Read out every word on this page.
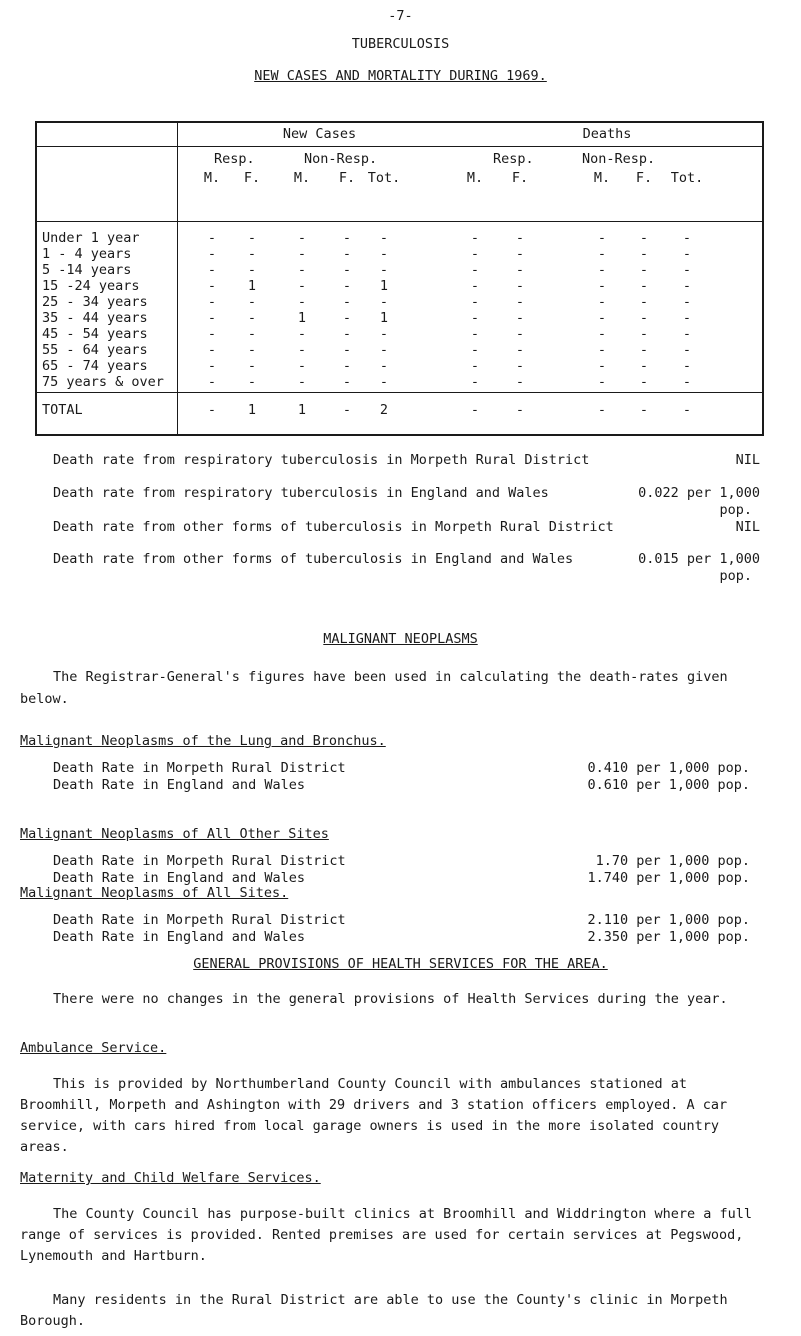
-7-
TUBERCULOSIS
NEW CASES AND MORTALITY DURING 1969.
New Cases	Deaths
Resp.	Non-Resp.	Resp.	Non-Resp.
M.	F.	M.	F. Tot.	M.	F.	M.	F.	Tot.
Under 1 year	-	-	-	-	-	-	-	-	-	-
1 - 4 years	-	-	-	-	-	-	-	-	-	-
5 -14 years	-	-	-	-	-	-	-	-	-	-
15 -24 years	-	1	-	-	1	-	-	-	-	-
25 - 34 years	-	-	-	-	-	-	-	-	-	-
35 - 44 years	-	-	1	-	1	-	-	-	-	-
45 - 54 years	-	-	-	-	-	-	-	-	-	-
55 - 64 years	-	-	-	-	-	-	-	-	-	-
65 - 74 years	-	-	-	-	-	-	-	-	-	-
75 years & over	-	-	-	-	-	-	-	-	-	-
TOTAL	-	1	1	-	2	-	-	-	-	-
Death rate from respiratory tuberculosis in Morpeth Rural District	NIL
Death rate from respiratory tuberculosis in England and Wales	0.022 per 1,000
pop.
Death rate from other forms of tuberculosis in Morpeth Rural District	NIL
Death rate from other forms of tuberculosis in England and Wales	0.015 per 1,000
pop.
MALIGNANT NEOPLASMS
The Registrar-General's figures have been used in calculating the death-rates given below.
Malignant Neoplasms of the Lung and Bronchus.
Death Rate in Morpeth Rural District	0.410 per 1,000 pop.
Death Rate in England and Wales	0.610 per 1,000 pop.
Malignant Neoplasms of All Other Sites
Death Rate in Morpeth Rural District	1.70 per 1,000 pop.
Death Rate in England and Wales	1.740 per 1,000 pop.
Malignant Neoplasms of All Sites.
Death Rate in Morpeth Rural District	2.110 per 1,000 pop.
Death Rate in England and Wales	2.350 per 1,000 pop.
GENERAL PROVISIONS OF HEALTH SERVICES FOR THE AREA.
There were no changes in the general provisions of Health Services during the year.
Ambulance Service.
This is provided by Northumberland County Council with ambulances stationed at Broomhill, Morpeth and Ashington with 29 drivers and 3 station officers employed. A car service, with cars hired from local garage owners is used in the more isolated country areas.
Maternity and Child Welfare Services.
The County Council has purpose-built clinics at Broomhill and Widdrington where a full range of services is provided. Rented premises are used for certain services at Pegswood, Lynemouth and Hartburn.
Many residents in the Rural District are able to use the County's clinic in Morpeth Borough.
